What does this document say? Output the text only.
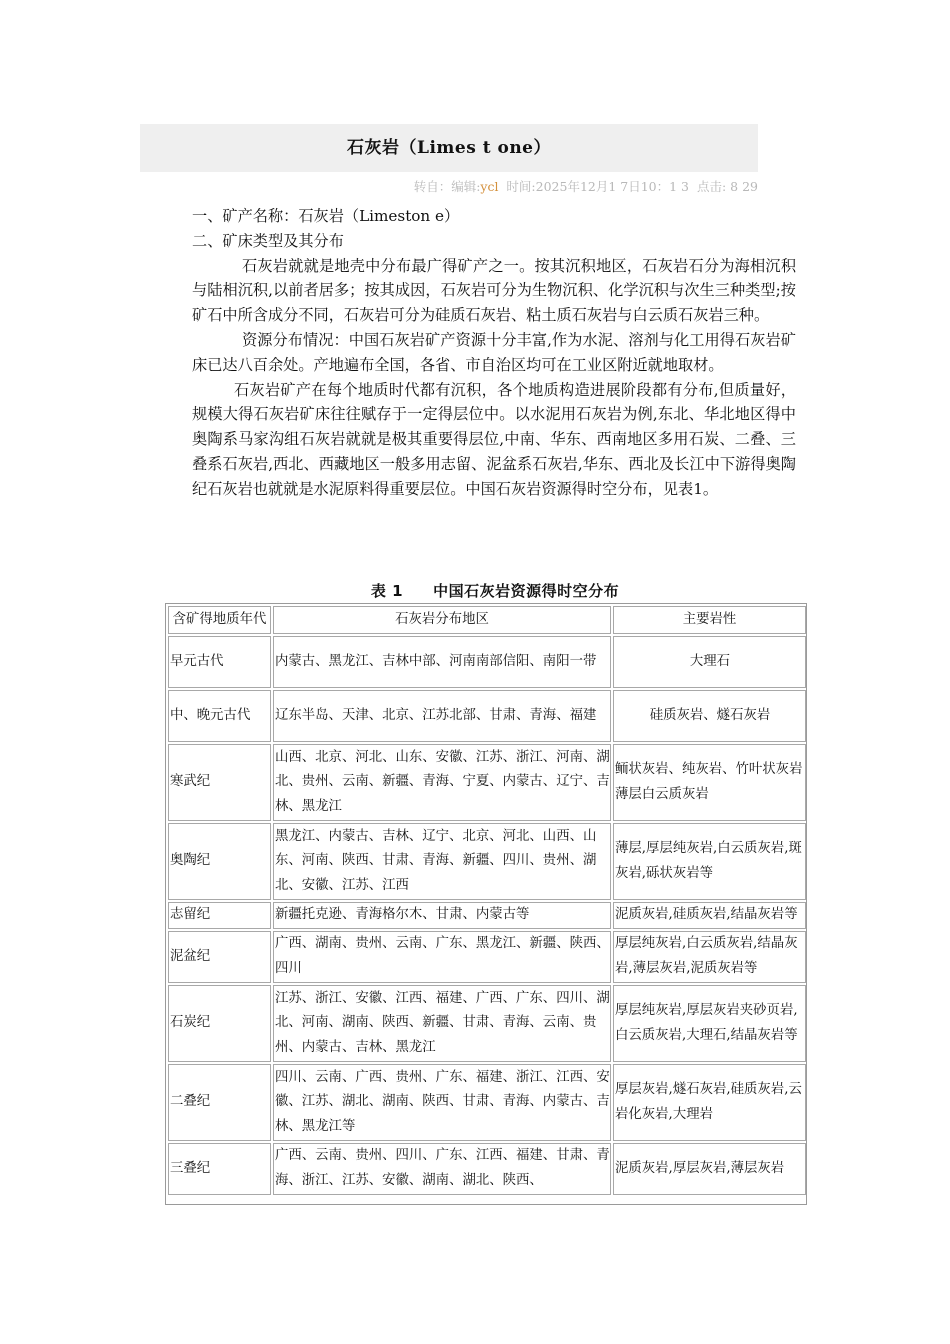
石灰岩（Limes t one）
转自：编辑:ycl 时间:2025年12月1 7日10：1 3 点击: 8 29

一、矿产名称：石灰岩（Limeston e）

二、矿床类型及其分布

石灰岩就就是地壳中分布最广得矿产之一。按其沉积地区，石灰岩石分为海相沉积与陆相沉积,以前者居多；按其成因，石灰岩可分为生物沉积、化学沉积与次生三种类型;按矿石中所含成分不同，石灰岩可分为硅质石灰岩、粘土质石灰岩与白云质石灰岩三种。

资源分布情况：中国石灰岩矿产资源十分丰富,作为水泥、溶剂与化工用得石灰岩矿床已达八百余处。产地遍布全国，各省、市自治区均可在工业区附近就地取材。

石灰岩矿产在每个地质时代都有沉积，各个地质构造进展阶段都有分布,但质量好，规模大得石灰岩矿床往往赋存于一定得层位中。以水泥用石灰岩为例,东北、华北地区得中奥陶系马家沟组石灰岩就就是极其重要得层位,中南、华东、西南地区多用石炭、二叠、三叠系石灰岩,西北、西藏地区一般多用志留、泥盆系石灰岩,华东、西北及长江中下游得奥陶纪石灰岩也就就是水泥原料得重要层位。中国石灰岩资源得时空分布，见表1。

表 1 中国石灰岩资源得时空分布
含矿得地质年代	石灰岩分布地区	主要岩性
早元古代	内蒙古、黑龙江、吉林中部、河南南部信阳、南阳一带	大理石
中、晚元古代	辽东半岛、天津、北京、江苏北部、甘肃、青海、福建	硅质灰岩、燧石灰岩
寒武纪	山西、北京、河北、山东、安徽、江苏、浙江、河南、湖北、贵州、云南、新疆、青海、宁夏、内蒙古、辽宁、吉林、黑龙江	鲕状灰岩、纯灰岩、竹叶状灰岩薄层白云质灰岩
奥陶纪	黑龙江、内蒙古、吉林、辽宁、北京、河北、山西、山东、河南、陕西、甘肃、青海、新疆、四川、贵州、湖北、安徽、江苏、江西	薄层,厚层纯灰岩,白云质灰岩,斑灰岩,砾状灰岩等
志留纪	新疆托克逊、青海格尔木、甘肃、内蒙古等	泥质灰岩,硅质灰岩,结晶灰岩等
泥盆纪	广西、湖南、贵州、云南、广东、黑龙江、新疆、陕西、四川	厚层纯灰岩,白云质灰岩,结晶灰岩,薄层灰岩,泥质灰岩等
石炭纪	江苏、浙江、安徽、江西、福建、广西、广东、四川、湖北、河南、湖南、陕西、新疆、甘肃、青海、云南、贵州、内蒙古、吉林、黑龙江	厚层纯灰岩,厚层灰岩夹砂页岩,白云质灰岩,大理石,结晶灰岩等
二叠纪	四川、云南、广西、贵州、广东、福建、浙江、江西、安徽、江苏、湖北、湖南、陕西、甘肃、青海、内蒙古、吉林、黑龙江等	厚层灰岩,燧石灰岩,硅质灰岩,云岩化灰岩,大理岩
三叠纪	广西、云南、贵州、四川、广东、江西、福建、甘肃、青海、浙江、江苏、安徽、湖南、湖北、陕西、	泥质灰岩,厚层灰岩,薄层灰岩
